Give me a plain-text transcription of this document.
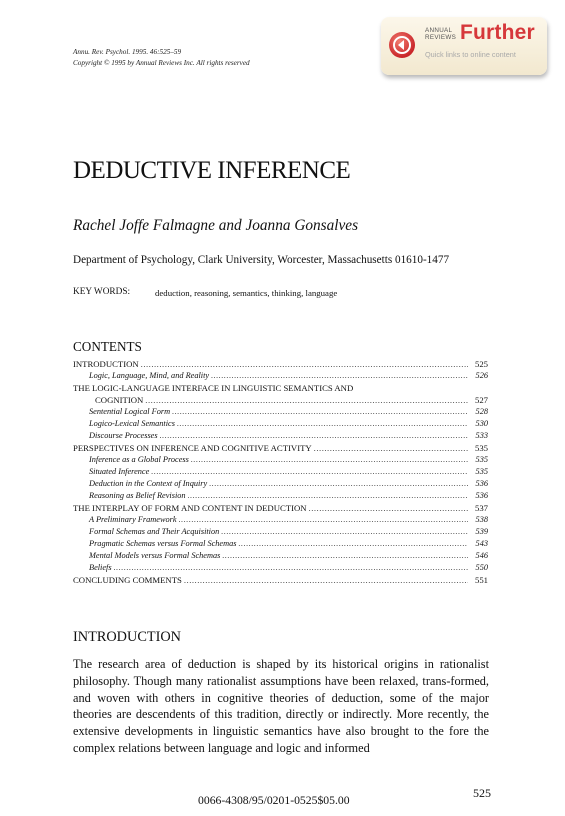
Annu. Rev. Psychol. 1995. 46:525–59
Copyright © 1995 by Annual Reviews Inc. All rights reserved
ANNUAL
REVIEWS Further
Quick links to online content
DEDUCTIVE INFERENCE
Rachel Joffe Falmagne and Joanna Gonsalves
Department of Psychology, Clark University, Worcester, Massachusetts 01610-1477
KEY WORDS:	deduction, reasoning, semantics, thinking, language
CONTENTS
INTRODUCTION .....	525
Logic, Language, Mind, and Reality .....	526
THE LOGIC-LANGUAGE INTERFACE IN LINGUISTIC SEMANTICS AND
COGNITION .....	527
Sentential Logical Form .....	528
Logico-Lexical Semantics .....	530
Discourse Processes .....	533
PERSPECTIVES ON INFERENCE AND COGNITIVE ACTIVITY .....	535
Inference as a Global Process .....	535
Situated Inference .....	535
Deduction in the Context of Inquiry .....	536
Reasoning as Belief Revision .....	536
THE INTERPLAY OF FORM AND CONTENT IN DEDUCTION .....	537
A Preliminary Framework .....	538
Formal Schemas and Their Acquisition .....	539
Pragmatic Schemas versus Formal Schemas .....	543
Mental Models versus Formal Schemas .....	546
Beliefs .....	550
CONCLUDING COMMENTS .....	551
INTRODUCTION

The research area of deduction is shaped by its historical origins in rationalist philosophy. Though many rationalist assumptions have been relaxed, trans-formed, and woven with others in cognitive theories of deduction, some of the major theories are descendents of this tradition, directly or indirectly. More recently, the extensive developments in linguistic semantics have also brought to the fore the complex relations between language and logic and informed

525
0066-4308/95/0201-0525$05.00
